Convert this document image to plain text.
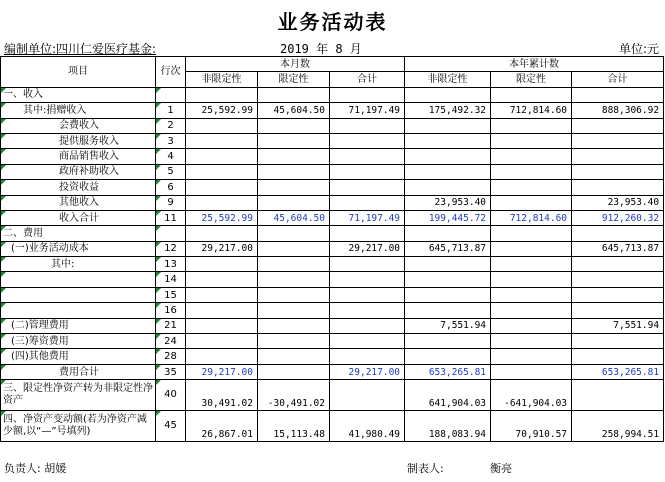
业务活动表
编制单位:四川仁爱医疗基金:	2019 年 8 月	单位:元
项目	行次	本月数			本年累计数		
		非限定性	限定性	合计	非限定性	限定性	合计
一、收入							
其中:捐赠收入	1	25,592.99	45,604.50	71,197.49	175,492.32	712,814.60	888,306.92
会费收入	2						
提供服务收入	3						
商品销售收入	4						
政府补助收入	5						
投资收益	6						
其他收入	9				23,953.40		23,953.40
收入合计	11	25,592.99	45,604.50	71,197.49	199,445.72	712,814.60	912,260.32
二、费用							
(一)业务活动成本	12	29,217.00		29,217.00	645,713.87		645,713.87
其中:	13						
	14						
	15						
	16						
(二)管理费用	21				7,551.94		7,551.94
(三)筹资费用	24						
(四)其他费用	28						
费用合计	35	29,217.00		29,217.00	653,265.81		653,265.81
三、限定性净资产转为非限定性净资产	40	30,491.02	-30,491.02		641,904.03	-641,904.03	
四、净资产变动额(若为净资产减少额,以“—”号填列)	45	26,867.01	15,113.48	41,980.49	188,083.94	70,910.57	258,994.51
负责人: 胡媛	制表人:	衡亮
